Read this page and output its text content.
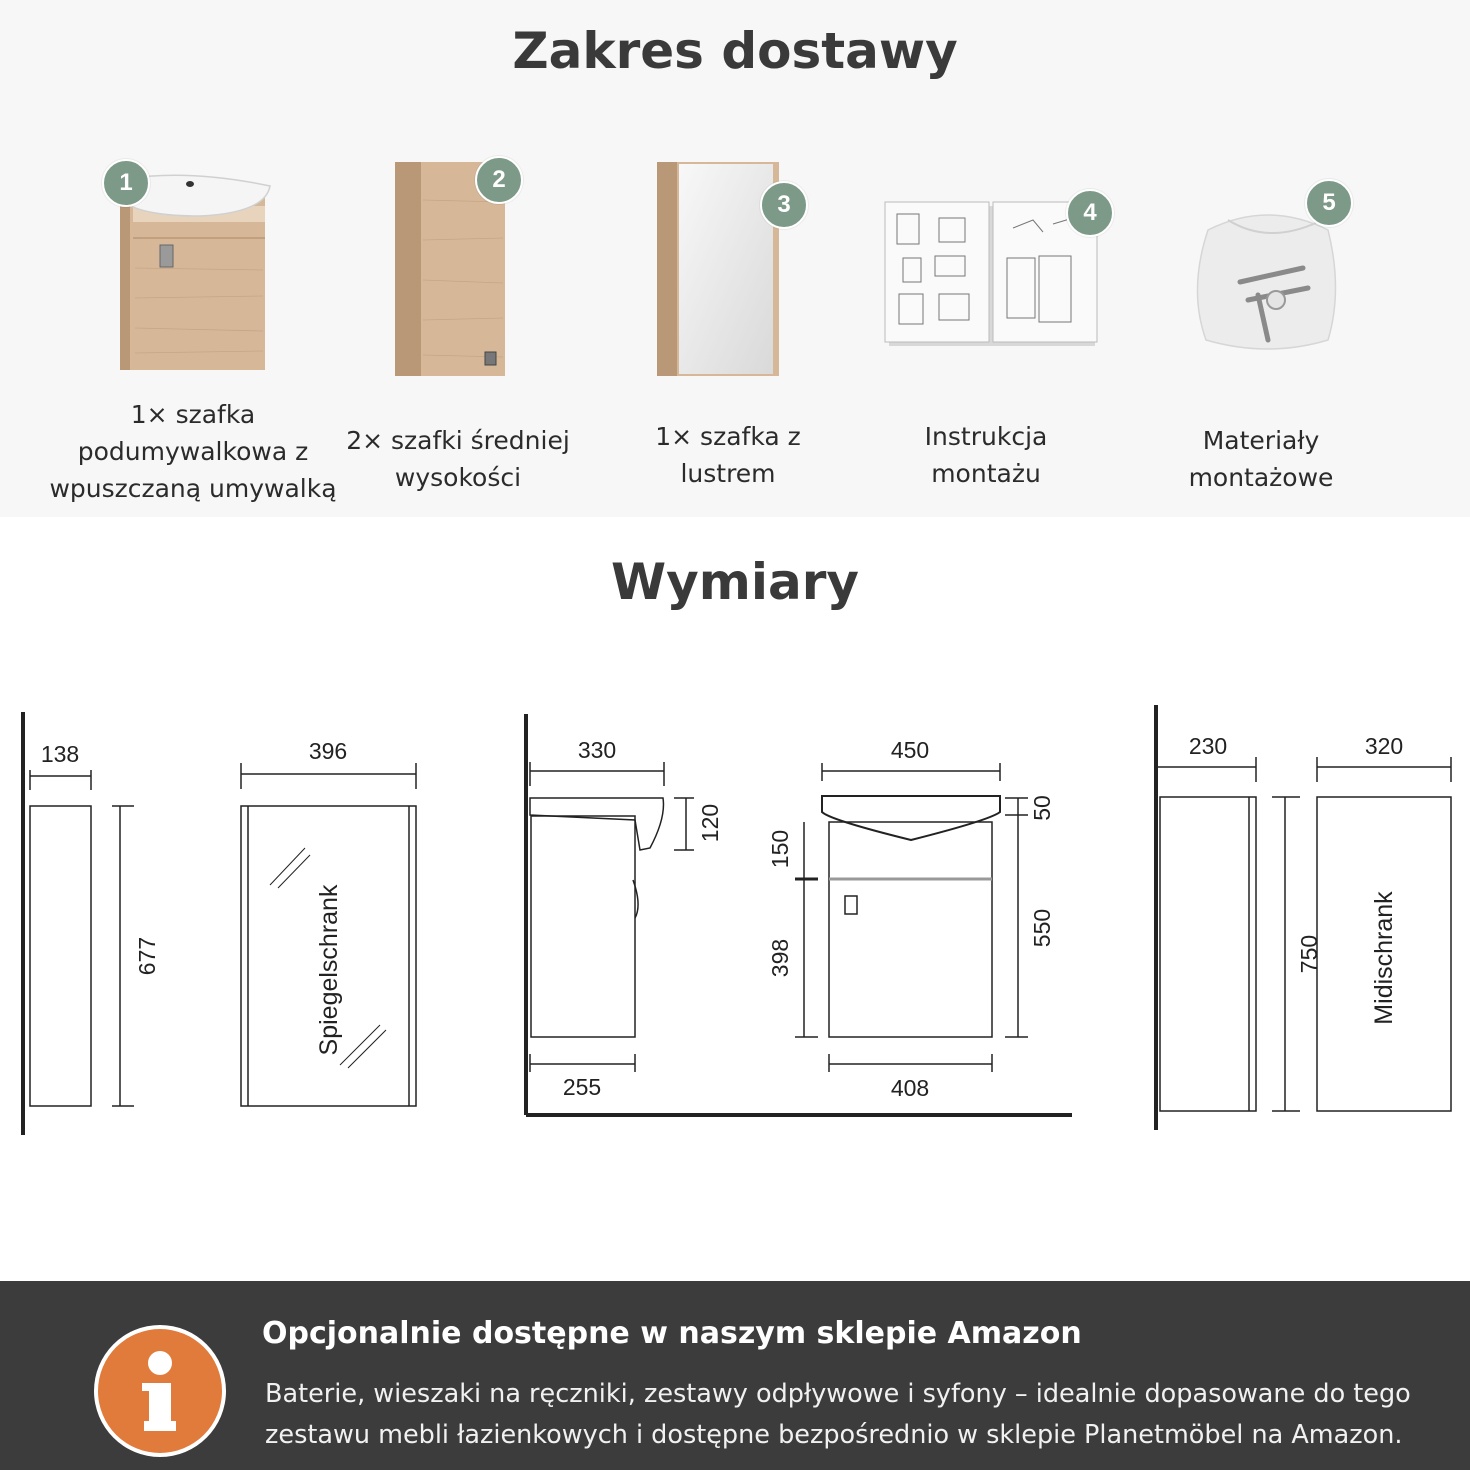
Zakres dostawy
1
1× szafka
podumywalkowa z
wpuszczaną umywalką
2
2× szafki średniej
wysokości
3
1× szafka z
lustrem
4
Instrukcja
montażu
5
Materiały
montażowe
Wymiary
138	396
677	Spiegelschrank
330
120
255
450
408
150
398
50
550
230	320
750 Midischrank
Opcjonalnie dostępne w naszym sklepie Amazon
Baterie, wieszaki na ręczniki, zestawy odpływowe i syfony – idealnie dopasowane do tego
zestawu mebli łazienkowych i dostępne bezpośrednio w sklepie Planetmöbel na Amazon.
